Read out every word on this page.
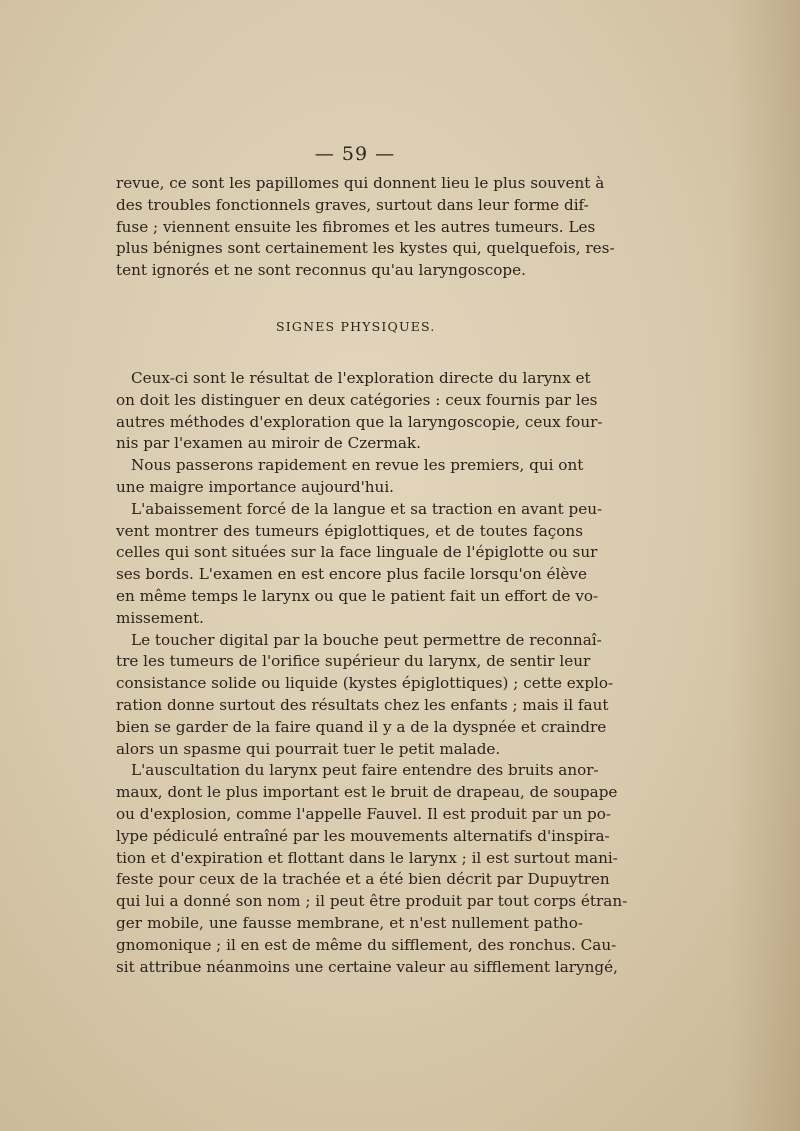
— 59 —
revue, ce sont les papillomes qui donnent lieu le plus souvent à
des troubles fonctionnels graves, surtout dans leur forme dif-
fuse ; viennent ensuite les fibromes et les autres tumeurs. Les
plus bénignes sont certainement les kystes qui, quelquefois, res-
tent ignorés et ne sont reconnus qu'au laryngoscope.
SIGNES PHYSIQUES.
Ceux-ci sont le résultat de l'exploration directe du larynx et
on doit les distinguer en deux catégories : ceux fournis par les
autres méthodes d'exploration que la laryngoscopie, ceux four-
nis par l'examen au miroir de Czermak.
Nous passerons rapidement en revue les premiers, qui ont
une maigre importance aujourd'hui.
L'abaissement forcé de la langue et sa traction en avant peu-
vent montrer des tumeurs épiglottiques, et de toutes façons
celles qui sont situées sur la face linguale de l'épiglotte ou sur
ses bords. L'examen en est encore plus facile lorsqu'on élève
en même temps le larynx ou que le patient fait un effort de vo-
missement.
Le toucher digital par la bouche peut permettre de reconnaî-
tre les tumeurs de l'orifice supérieur du larynx, de sentir leur
consistance solide ou liquide (kystes épiglottiques) ; cette explo-
ration donne surtout des résultats chez les enfants ; mais il faut
bien se garder de la faire quand il y a de la dyspnée et craindre
alors un spasme qui pourrait tuer le petit malade.
L'auscultation du larynx peut faire entendre des bruits anor-
maux, dont le plus important est le bruit de drapeau, de soupape
ou d'explosion, comme l'appelle Fauvel. Il est produit par un po-
lype pédiculé entraîné par les mouvements alternatifs d'inspira-
tion et d'expiration et flottant dans le larynx ; il est surtout mani-
feste pour ceux de la trachée et a été bien décrit par Dupuytren
qui lui a donné son nom ; il peut être produit par tout corps étran-
ger mobile, une fausse membrane, et n'est nullement patho-
gnomonique ; il en est de même du sifflement, des ronchus. Cau-
sit attribue néanmoins une certaine valeur au sifflement laryngé,
